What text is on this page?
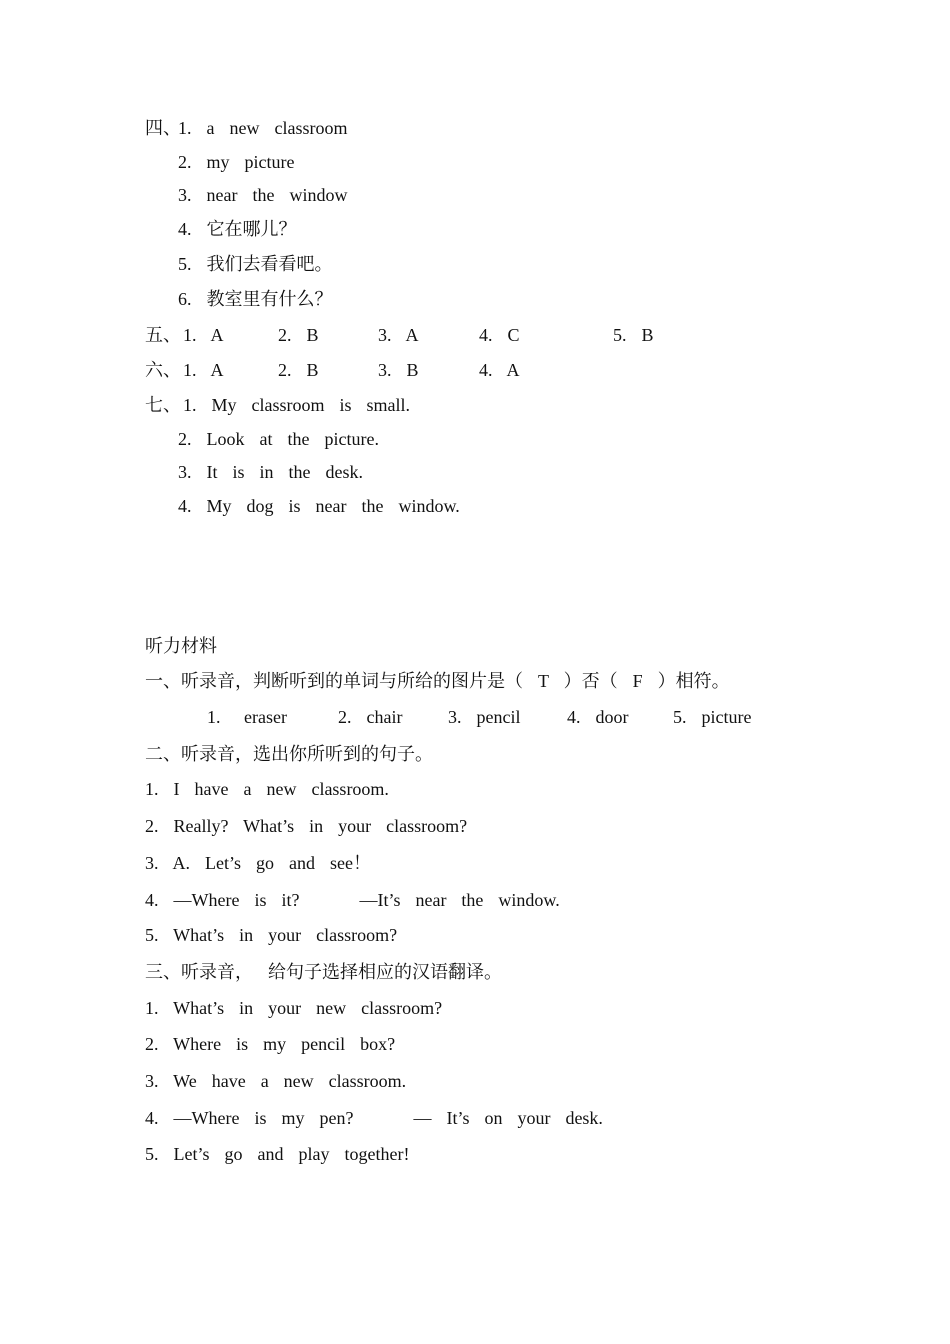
四、
1.  a  new  classroom
2.  my  picture
3.  near  the  window
4.  它在哪儿？
5.  我们去看看吧。
6.  教室里有什么？
五、 1.  A	2.  B	3.  A	4.  C	5.  B
六、 1.  A	2.  B	3.  B	4.  A
七、 1.  My  classroom  is  small.
2.  Look  at  the  picture.
3.  It  is  in  the  desk.
4.  My  dog  is  near  the  window.
听力材料
一、听录音，判断听到的单词与所给的图片是（  T  ）否（  F  ）相符。
1. eraser	2.  chair	3.  pencil	4.  door 5.  picture
二、听录音，选出你所听到的句子。
1.  I  have  a  new  classroom.
2.  Really?  What’s  in  your  classroom?
3.  A.  Let’s  go  and  see！
4.  —Where  is  it?        —It’s  near  the  window.
5.  What’s  in  your  classroom?
三、听录音，  给句子选择相应的汉语翻译。
1.  What’s  in  your  new  classroom?
2.  Where  is  my  pencil  box?
3.  We  have  a  new  classroom.
4.  —Where  is  my  pen?        —  It’s  on  your  desk.
5.  Let’s  go  and  play  together!
